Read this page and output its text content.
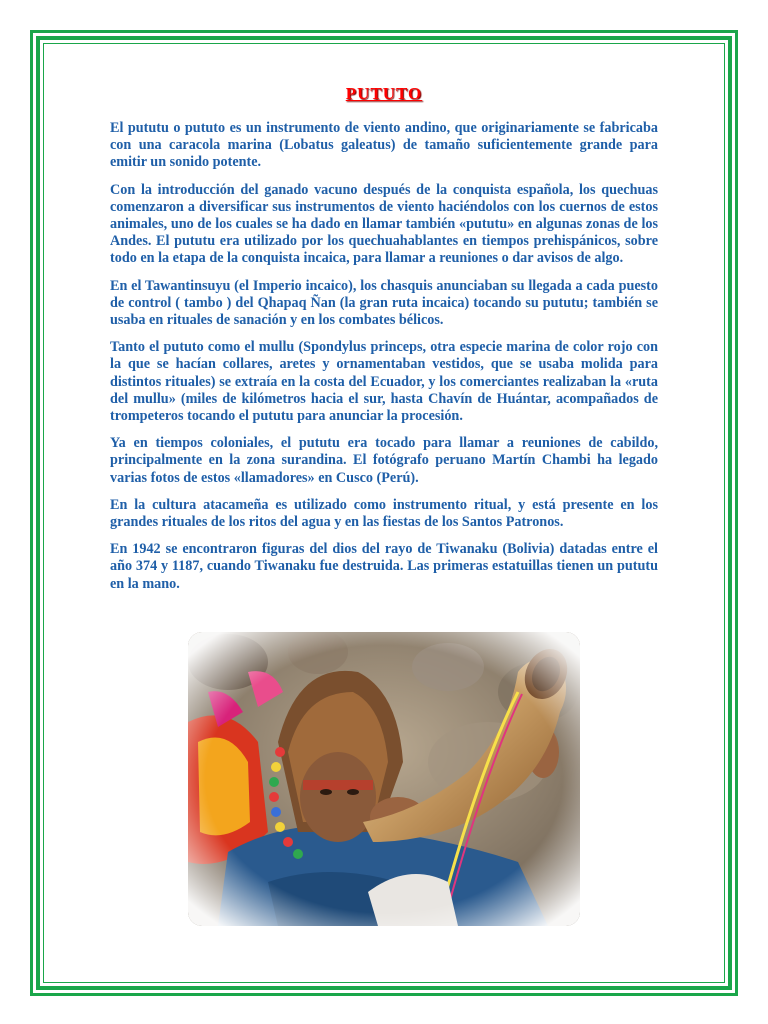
PUTUTO

El pututu o pututo es un instrumento de viento andino, que originariamente se fabricaba con una caracola marina (Lobatus galeatus) de tamaño suficientemente grande para emitir un sonido potente.

Con la introducción del ganado vacuno después de la conquista española, los quechuas comenzaron a diversificar sus instrumentos de viento haciéndolos con los cuernos de estos animales, uno de los cuales se ha dado en llamar también «pututu» en algunas zonas de los Andes. El pututu era utilizado por los quechuahablantes en tiempos prehispánicos, sobre todo en la etapa de la conquista incaica, para llamar a reuniones o dar avisos de algo.

En el Tawantinsuyu (el Imperio incaico), los chasquis anunciaban su llegada a cada puesto de control ( tambo ) del Qhapaq Ñan (la gran ruta incaica) tocando su pututu; también se usaba en rituales de sanación y en los combates bélicos.

Tanto el pututo como el mullu (Spondylus princeps, otra especie marina de color rojo con la que se hacían collares, aretes y ornamentaban vestidos, que se usaba molida para distintos rituales) se extraía en la costa del Ecuador, y los comerciantes realizaban la «ruta del mullu» (miles de kilómetros hacia el sur, hasta Chavín de Huántar, acompañados de trompeteros tocando el pututu para anunciar la procesión.

Ya en tiempos coloniales, el pututu era tocado para llamar a reuniones de cabildo, principalmente en la zona surandina. El fotógrafo peruano Martín Chambi ha legado varias fotos de estos «llamadores» en Cusco (Perú).

En la cultura atacameña es utilizado como instrumento ritual, y está presente en los grandes rituales de los ritos del agua y en las fiestas de los Santos Patronos.

En 1942 se encontraron figuras del dios del rayo de Tiwanaku (Bolivia) datadas entre el año 374 y 1187, cuando Tiwanaku fue destruida. Las primeras estatuillas tienen un pututu en la mano.
